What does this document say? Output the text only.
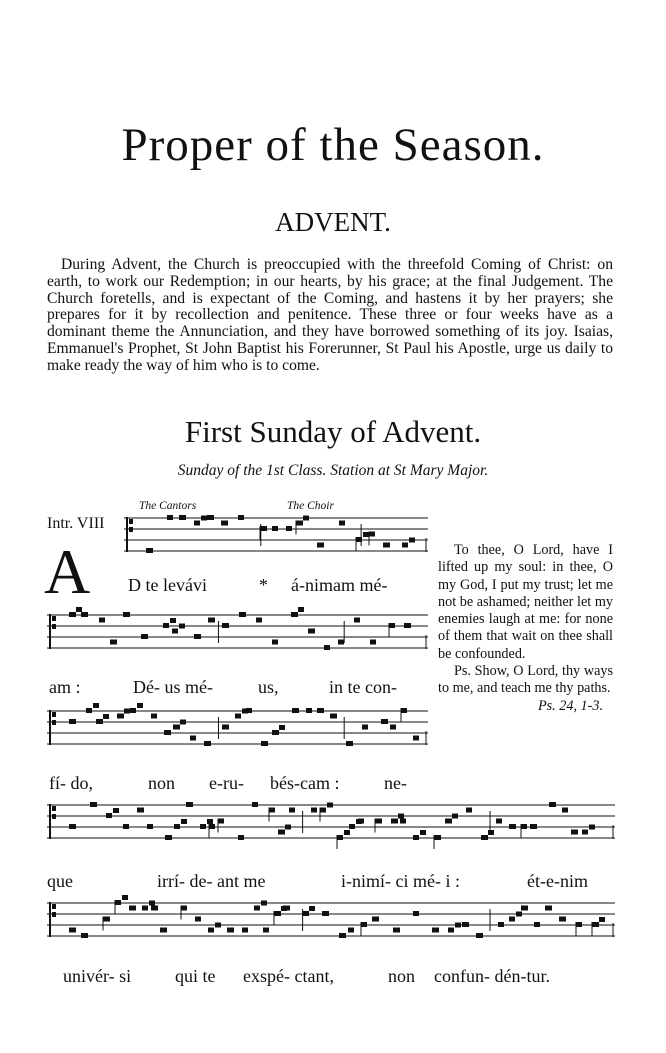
Proper of the Season.
ADVENT.

During Advent, the Church is preoccupied with the threefold Coming of Christ: on earth, to work our Redemption; in our hearts, by his grace; at the final Judgement. The Church foretells, and is expectant of the Coming, and hastens it by her prayers; she prepares for it by recollection and penitence. These three or four weeks have as a dominant theme the Annunciation, and they have borrowed something of its joy. Isaias, Emmanuel's Prophet, St John Baptist his Forerunner, St Paul his Apostle, urge us daily to make ready the way of him who is to come.

First Sunday of Advent.
Sunday of the 1st Class. Station at St Mary Major.
The Cantors	The Choir
Intr. VIII
A D te levávi	* á-nimam mé-
am :	Dé- us mé-	us,	in te con-
fí- do,	non e-ru- bés-cam : ne-
que	irrí- de- ant me	i-nimí- ci mé- i :	ét-e-nim
univér- si qui te exspé- ctant,	non confun- dén-tur.

To thee, O Lord, have I lifted up my soul: in thee, O my God, I put my trust; let me not be ashamed; neither let my enemies laugh at me: for none of them that wait on thee shall be confounded.

Ps. Show, O Lord, thy ways to me, and teach me thy paths.

Ps. 24, 1-3.
